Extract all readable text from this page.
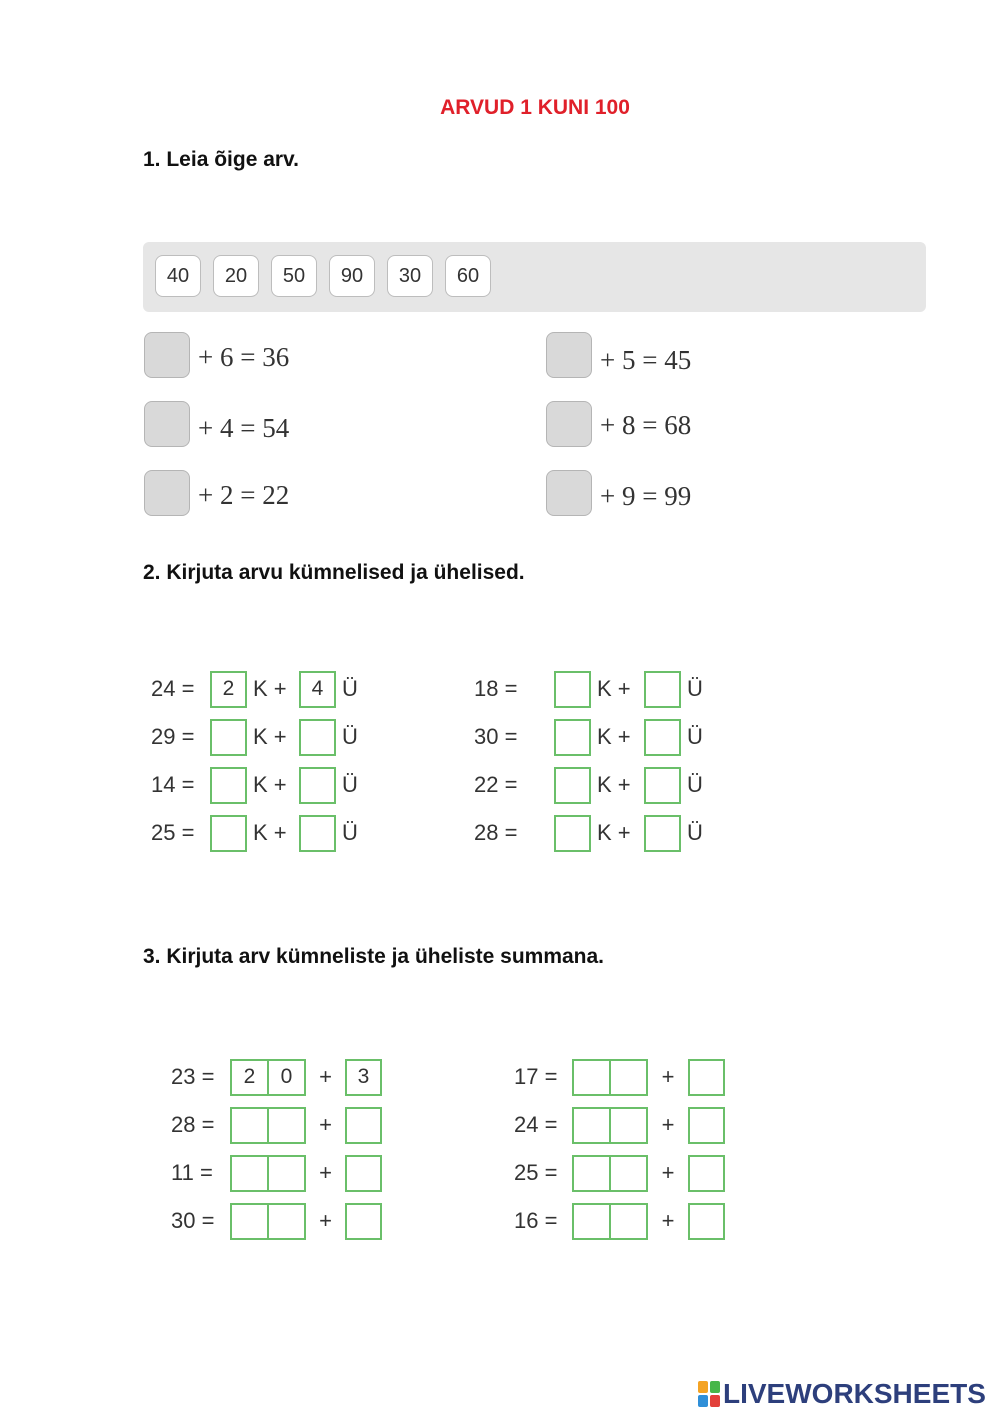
ARVUD 1 KUNI 100
1. Leia õige arv.
40	20	50	90	30	60
+ 6 = 36
+ 4 = 54
+ 2 = 22
+ 5 = 45
+ 8 = 68
+ 9 = 99
2. Kirjuta arvu kümnelised ja ühelised.
24 =	2 K +	4 Ü
29 =	K +	Ü
14 =	K +	Ü
25 =	K +	Ü
18 =	K +	Ü
30 =	K +	Ü
22 =	K +	Ü
28 =	K +	Ü
3. Kirjuta arv kümneliste ja üheliste summana.
23 =	2	0	+	3
28 =	+
11 =	+
30 =	+
17 =	+
24 =	+
25 =	+
16 =	+
LIVEWORKSHEETS
